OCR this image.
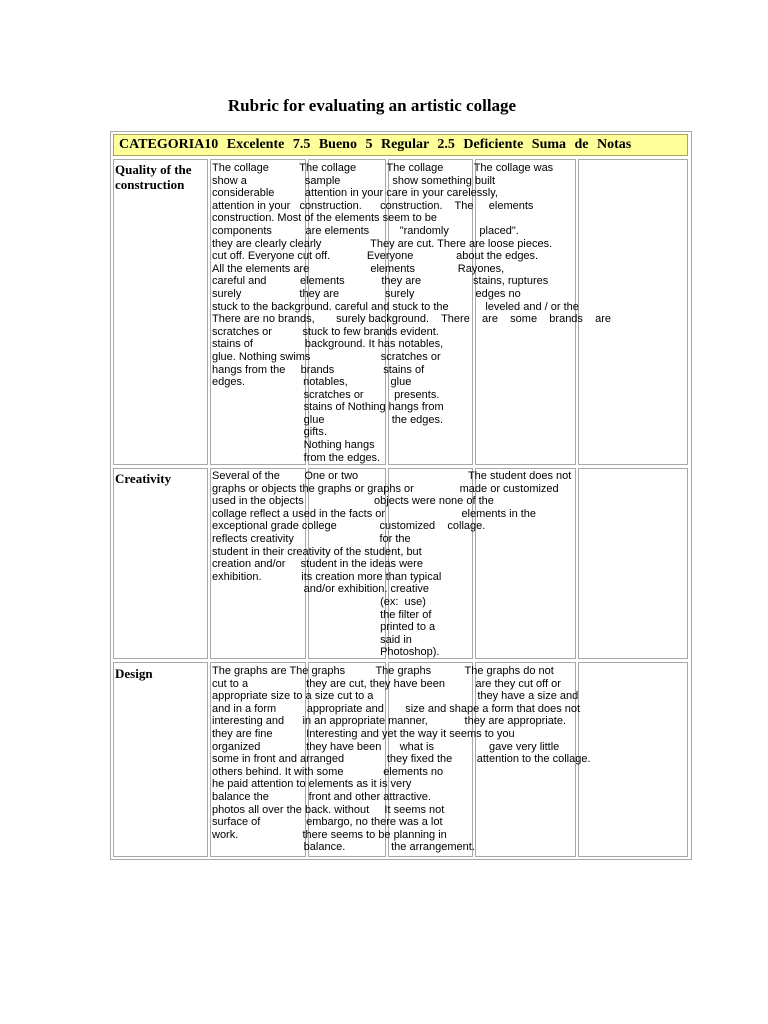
Rubric for evaluating an artistic collage
CATEGORIA10 Excelente 7.5 Bueno 5 Regular 2.5 Deficiente Suma de Notas
Quality of the
construction
Creativity
Design
The collage          The collage          The collage          The collage was
show a                   sample                 show something built
considerable          attention in your care in your carelessly,
attention in your   construction.      construction.    The     elements
construction. Most of the elements seem to be
components           are elements          "randomly          placed".
they are clearly clearly                They are cut. There are loose pieces.
cut off. Everyone cut off.            Everyone              about the edges.
All the elements are                    elements              Rayones,
careful and           elements            they are                 stains, ruptures
surely                   they are               surely                    edges no
stuck to the background. careful and stuck to the            leveled and / or the
There are no brands,       surely background.    There    are    some    brands    are
scratches or          stuck to few brands evident.
stains of                 background. It has notables,
glue. Nothing swims                       scratches or
hangs from the     brands                stains of
edges.                   notables,              glue
scratches or          presents.
stains of Nothing hangs from
glue                      the edges.
gifts.
Nothing hangs
from the edges.
Several of the        One or two                                    The student does not
graphs or objects the graphs or graphs or               made or customized
used in the objects                       objects were none of the
collage reflect a used in the facts or                         elements in the
exceptional grade college              customized    collage.
reflects creativity                            for the
student in their creativity of the student, but
creation and/or     student in the ideas were
exhibition.             its creation more than typical
and/or exhibition. creative
(ex:  use)
the filter of
printed to a
said in
Photoshop).
The graphs are The graphs          The graphs           The graphs do not
cut to a                   they are cut, they have been          are they cut off or
appropriate size to a size cut to a                                  they have a size and
and in a form          appropriate and       size and shape a form that does not
interesting and      in an appropriate manner,            they are appropriate.
they are fine           Interesting and yet the way it seems to you
organized               they have been      what is                  gave very little
some in front and arranged              they fixed the        attention to the collage.
others behind. It with some             elements no
he paid attention to elements as it is very
balance the             front and other attractive.
photos all over the back. without     It seems not
surface of               embargo, no there was a lot
work.                     there seems to be planning in
balance.               the arrangement.
